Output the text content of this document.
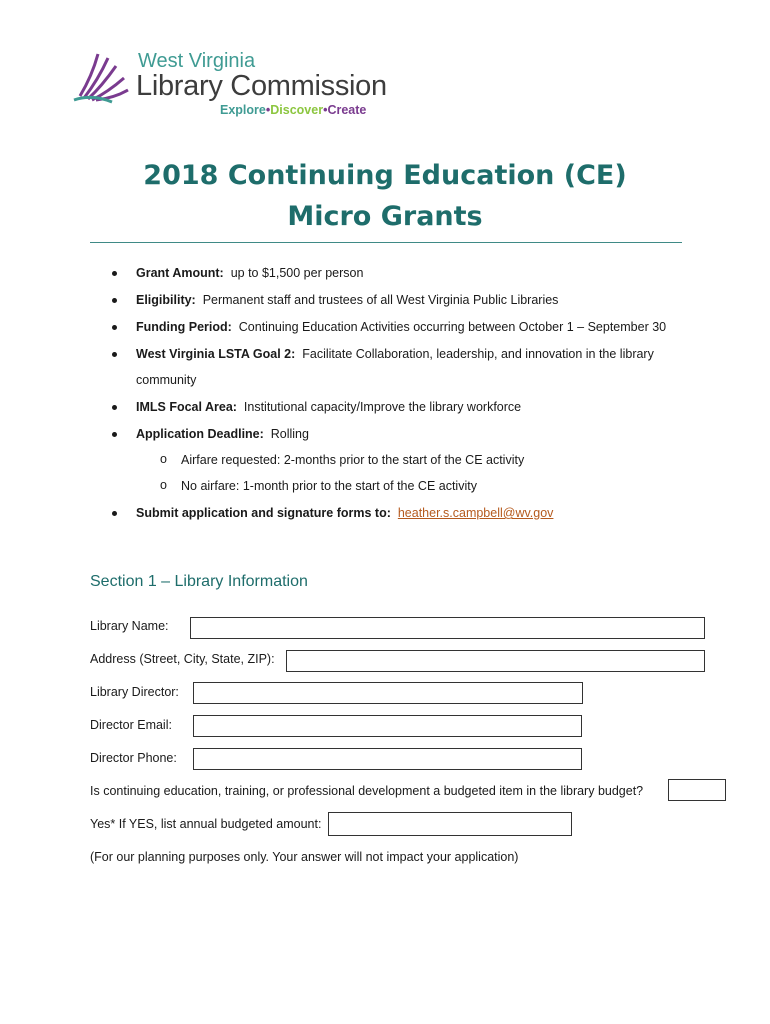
West Virginia
Library Commission
Explore•Discover•Create
2018 Continuing Education (CE)
Micro Grants
Grant Amount: up to $1,500 per person
Eligibility: Permanent staff and trustees of all West Virginia Public Libraries
Funding Period: Continuing Education Activities occurring between October 1 – September 30
West Virginia LSTA Goal 2: Facilitate Collaboration, leadership, and innovation in the library
community
IMLS Focal Area: Institutional capacity/Improve the library workforce
Application Deadline: Rolling
o Airfare requested: 2-months prior to the start of the CE activity
o No airfare: 1-month prior to the start of the CE activity
Submit application and signature forms to: heather.s.campbell@wv.gov
Section 1 – Library Information
Library Name:
Address (Street, City, State, ZIP):
Library Director:
Director Email:
Director Phone:
Is continuing education, training, or professional development a budgeted item in the library budget?
Yes* If YES, list annual budgeted amount:
(For our planning purposes only. Your answer will not impact your application)
